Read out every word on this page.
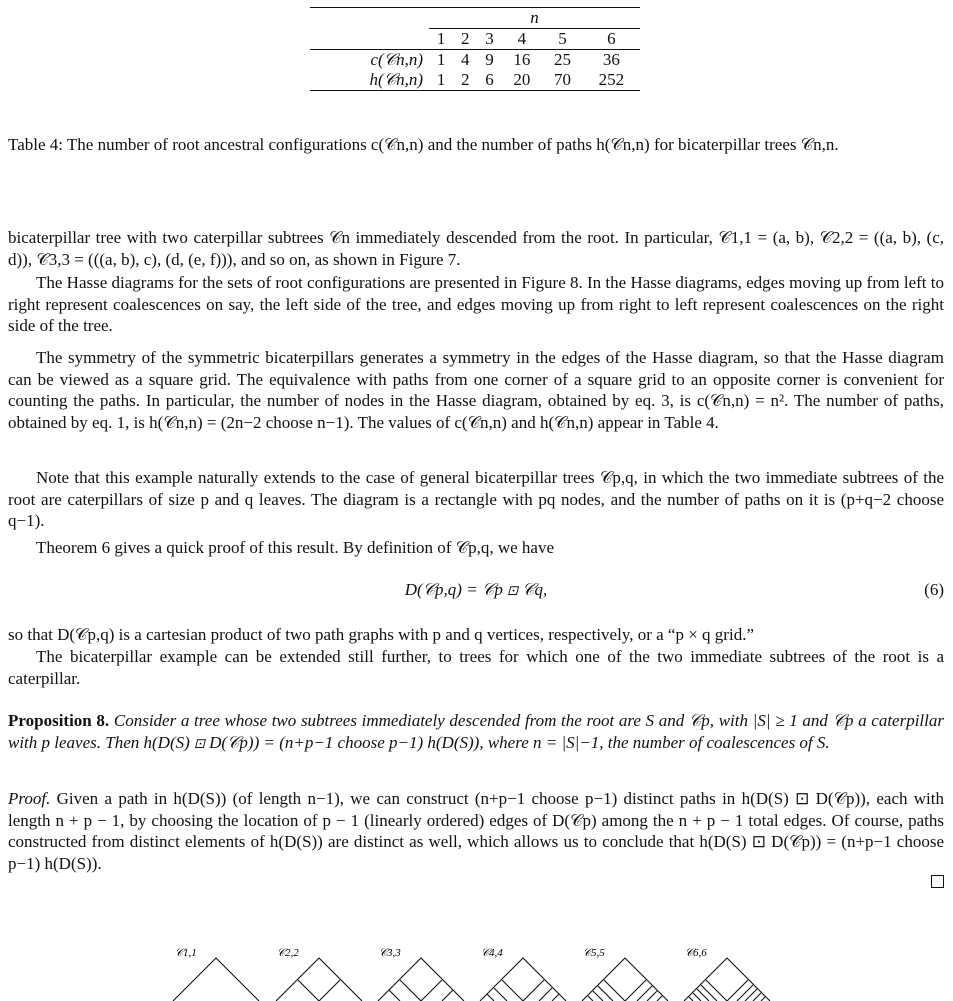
	n					
	1	2	3	4	5	6
c(𝒞n,n)	1	4	9	16	25	36
h(𝒞n,n)	1	2	6	20	70	252
Table 4: The number of root ancestral configurations c(𝒞n,n) and the number of paths h(𝒞n,n) for bicaterpillar trees 𝒞n,n.
bicaterpillar tree with two caterpillar subtrees 𝒞n immediately descended from the root. In particular, 𝒞1,1 = (a, b), 𝒞2,2 = ((a, b), (c, d)), 𝒞3,3 = (((a, b), c), (d, (e, f))), and so on, as shown in Figure 7.
The Hasse diagrams for the sets of root configurations are presented in Figure 8. In the Hasse diagrams, edges moving up from left to right represent coalescences on say, the left side of the tree, and edges moving up from right to left represent coalescences on the right side of the tree.
The symmetry of the symmetric bicaterpillars generates a symmetry in the edges of the Hasse diagram, so that the Hasse diagram can be viewed as a square grid. The equivalence with paths from one corner of a square grid to an opposite corner is convenient for counting the paths. In particular, the number of nodes in the Hasse diagram, obtained by eq. 3, is c(𝒞n,n) = n². The number of paths, obtained by eq. 1, is h(𝒞n,n) = (2n−2 choose n−1). The values of c(𝒞n,n) and h(𝒞n,n) appear in Table 4.
Note that this example naturally extends to the case of general bicaterpillar trees 𝒞p,q, in which the two immediate subtrees of the root are caterpillars of size p and q leaves. The diagram is a rectangle with pq nodes, and the number of paths on it is (p+q−2 choose q−1).
Theorem 6 gives a quick proof of this result. By definition of 𝒞p,q, we have
D(𝒞p,q) = 𝒞p ⊡ 𝒞q,	(6)
so that D(𝒞p,q) is a cartesian product of two path graphs with p and q vertices, respectively, or a “p × q grid.”
The bicaterpillar example can be extended still further, to trees for which one of the two immediate subtrees of the root is a caterpillar.
Proposition 8. Consider a tree whose two subtrees immediately descended from the root are S and 𝒞p, with |S| ≥ 1 and 𝒞p a caterpillar with p leaves. Then h(D(S) ⊡ D(𝒞p)) = (n+p−1 choose p−1) h(D(S)), where n = |S|−1, the number of coalescences of S.
Proof. Given a path in h(D(S)) (of length n−1), we can construct (n+p−1 choose p−1) distinct paths in h(D(S) ⊡ D(𝒞p)), each with length n + p − 1, by choosing the location of p − 1 (linearly ordered) edges of D(𝒞p) among the n + p − 1 total edges. Of course, paths constructed from distinct elements of h(D(S)) are distinct as well, which allows us to conclude that h(D(S) ⊡ D(𝒞p)) = (n+p−1 choose p−1) h(D(S)).
𝒞1,1	𝒞2,2	𝒞3,3	𝒞4,4	𝒞5,5	𝒞6,6
